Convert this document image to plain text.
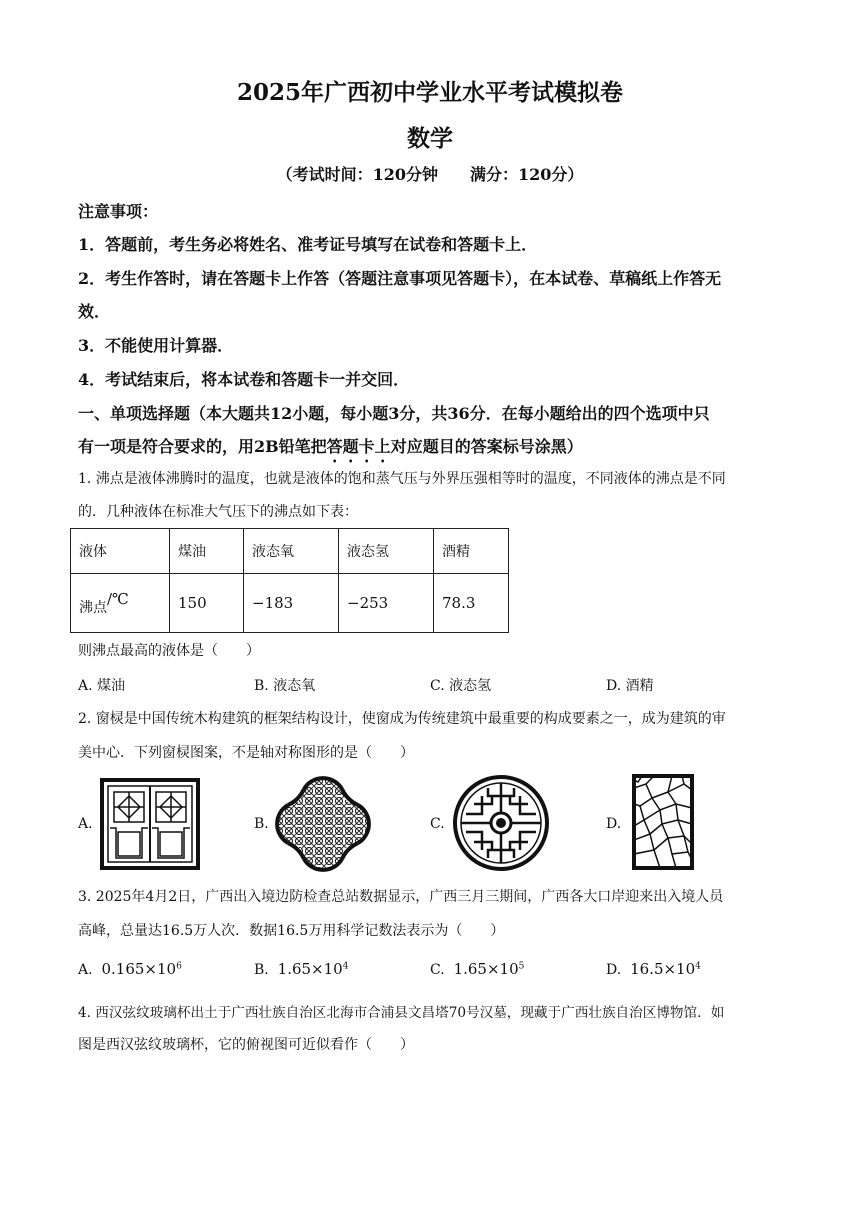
2025年广西初中学业水平考试模拟卷
数学
（考试时间：120分钟　　满分：120分）
注意事项：
1．答题前，考生务必将姓名、准考证号填写在试卷和答题卡上．
2．考生作答时，请在答题卡上作答（答题注意事项见答题卡），在本试卷、草稿纸上作答无
效．
3．不能使用计算器．
4．考试结束后，将本试卷和答题卡一并交回．
一、单项选择题（本大题共12小题，每小题3分，共36分．在每小题给出的四个选项中只
有一项是符合要求的，用2B铅笔把答题卡上对应题目的答案标号涂黑）
1. 沸点是液体沸腾时的温度，也就是液体的饱和蒸气压与外界压强相等时的温度，不同液体的沸点是不同
的．几种液体在标准大气压下的沸点如下表：
液体	煤油	液态氧	液态氢	酒精
沸点/℃	150	−183	−253	78.3
则沸点最高的液体是（　　）
A. 煤油	B. 液态氧	C. 液态氢	D. 酒精
2. 窗棂是中国传统木构建筑的框架结构设计，使窗成为传统建筑中最重要的构成要素之一，成为建筑的审
美中心．下列窗棂图案，不是轴对称图形的是（　　）
A.	B.	C.	D.
3. 2025年4月2日，广西出入境边防检查总站数据显示，广西三月三期间，广西各大口岸迎来出入境人员
高峰，总量达16.5万人次．数据16.5万用科学记数法表示为（　　）
A. $0.165\times 10^6$	B. $1.65\times 10^4$	C. $1.65\times 10^5$	D. $16.5\times 10^4$
4. 西汉弦纹玻璃杯出土于广西壮族自治区北海市合浦县文昌塔70号汉墓，现藏于广西壮族自治区博物馆．如
图是西汉弦纹玻璃杯，它的俯视图可近似看作（　　）
